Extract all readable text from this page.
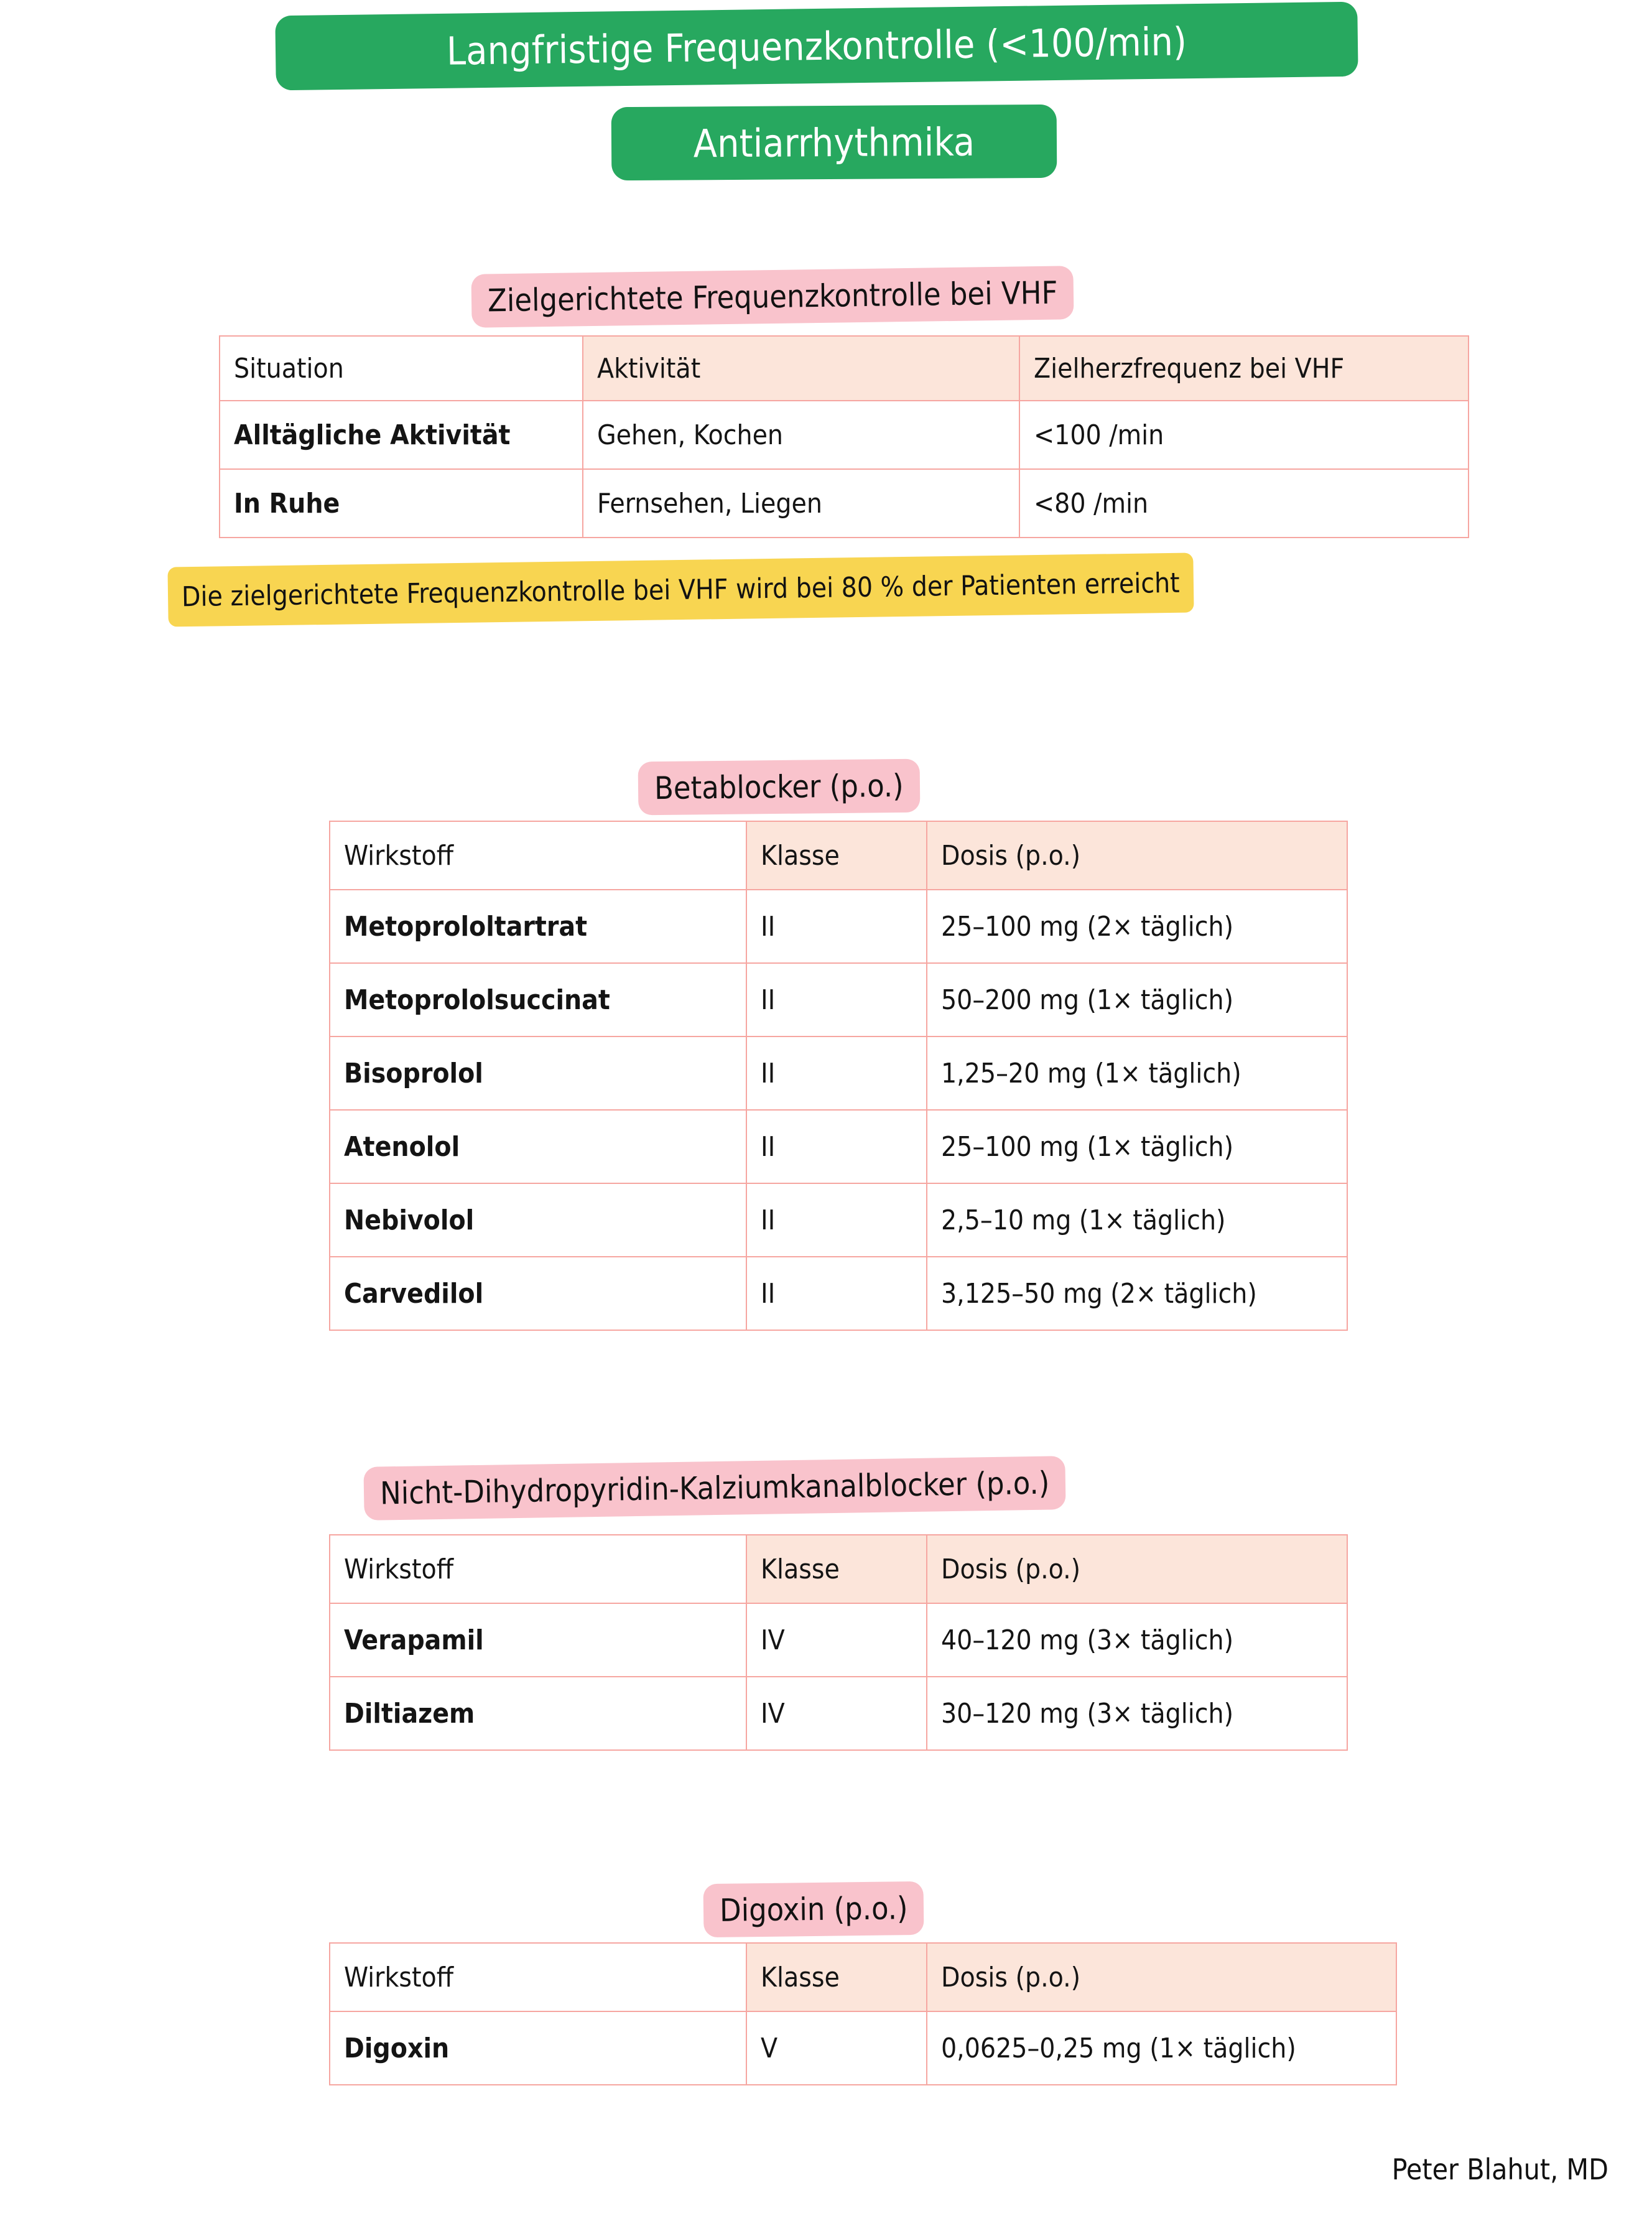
Langfristige Frequenzkontrolle (<100/min)
Antiarrhythmika
Zielgerichtete Frequenzkontrolle bei VHF
Situation	Aktivität	Zielherzfrequenz bei VHF
Alltägliche Aktivität	Gehen, Kochen	<100 /min
In Ruhe	Fernsehen, Liegen	<80 /min
Die zielgerichtete Frequenzkontrolle bei VHF wird bei 80 % der Patienten erreicht
Betablocker (p.o.)
Wirkstoff	Klasse	Dosis (p.o.)
Metoprololtartrat	II	25–100 mg (2× täglich)
Metoprololsuccinat	II	50–200 mg (1× täglich)
Bisoprolol	II	1,25–20 mg (1× täglich)
Atenolol	II	25–100 mg (1× täglich)
Nebivolol	II	2,5–10 mg (1× täglich)
Carvedilol	II	3,125–50 mg (2× täglich)
Nicht-Dihydropyridin-Kalziumkanalblocker (p.o.)
Wirkstoff	Klasse	Dosis (p.o.)
Verapamil	IV	40–120 mg (3× täglich)
Diltiazem	IV	30–120 mg (3× täglich)
Digoxin (p.o.)
Wirkstoff	Klasse	Dosis (p.o.)
Digoxin	V	0,0625–0,25 mg (1× täglich)
Peter Blahut, MD
